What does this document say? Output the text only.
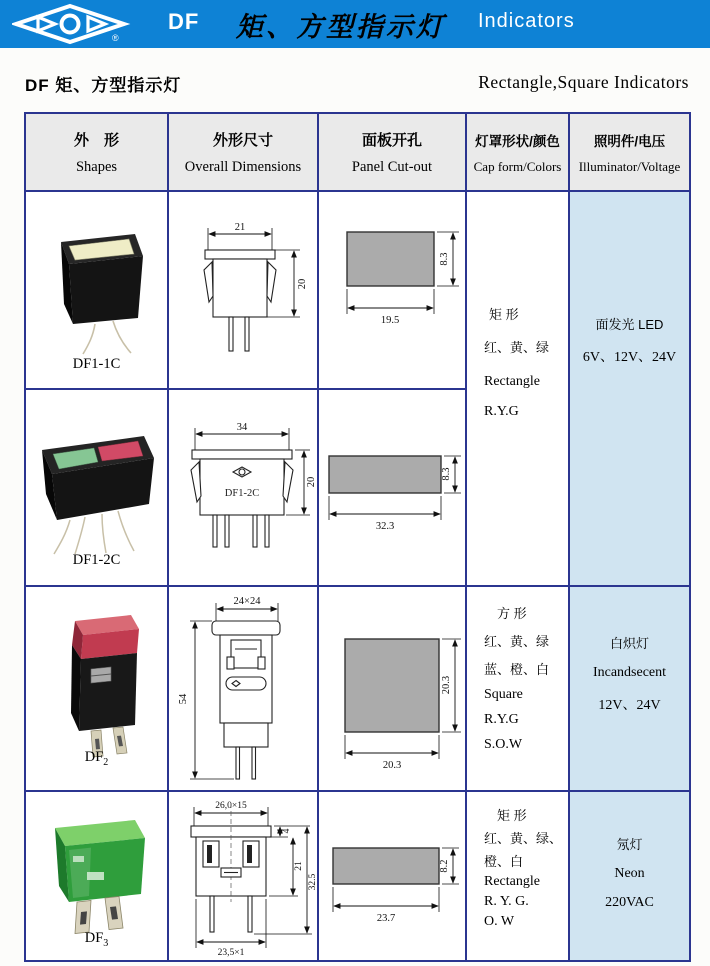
®
DF 矩、方型指示灯 Indicators
DF 矩、方型指示灯	Rectangle,Square Indicators
外　形
Shapes
外形尺寸
Overall Dimensions
面板开孔
Panel Cut-out
灯罩形状/颜色
Cap form/Colors
照明件/电压
Illuminator/Voltage
DF1-1C
21
20
8.3
19.5	矩 形
红、黄、绿
Rectangle
R.Y.G
面发光 LED
6V、12V、24V
DF1-2C
34
DF1-2C
20
8.3
32.3
$DF_2$
24×24
54
20.3
20.3
方 形
红、黄、绿
蓝、橙、白
Square
R.Y.G
S.O.W
白炽灯
Incandsecent
12V、24V
$DF_3$
26,0×15
23,5×1
4
21
32.5
8.2
23.7
矩 形
红、黄、绿、
橙、白
Rectangle
R. Y. G.
O. W
氖灯
Neon
220VAC
